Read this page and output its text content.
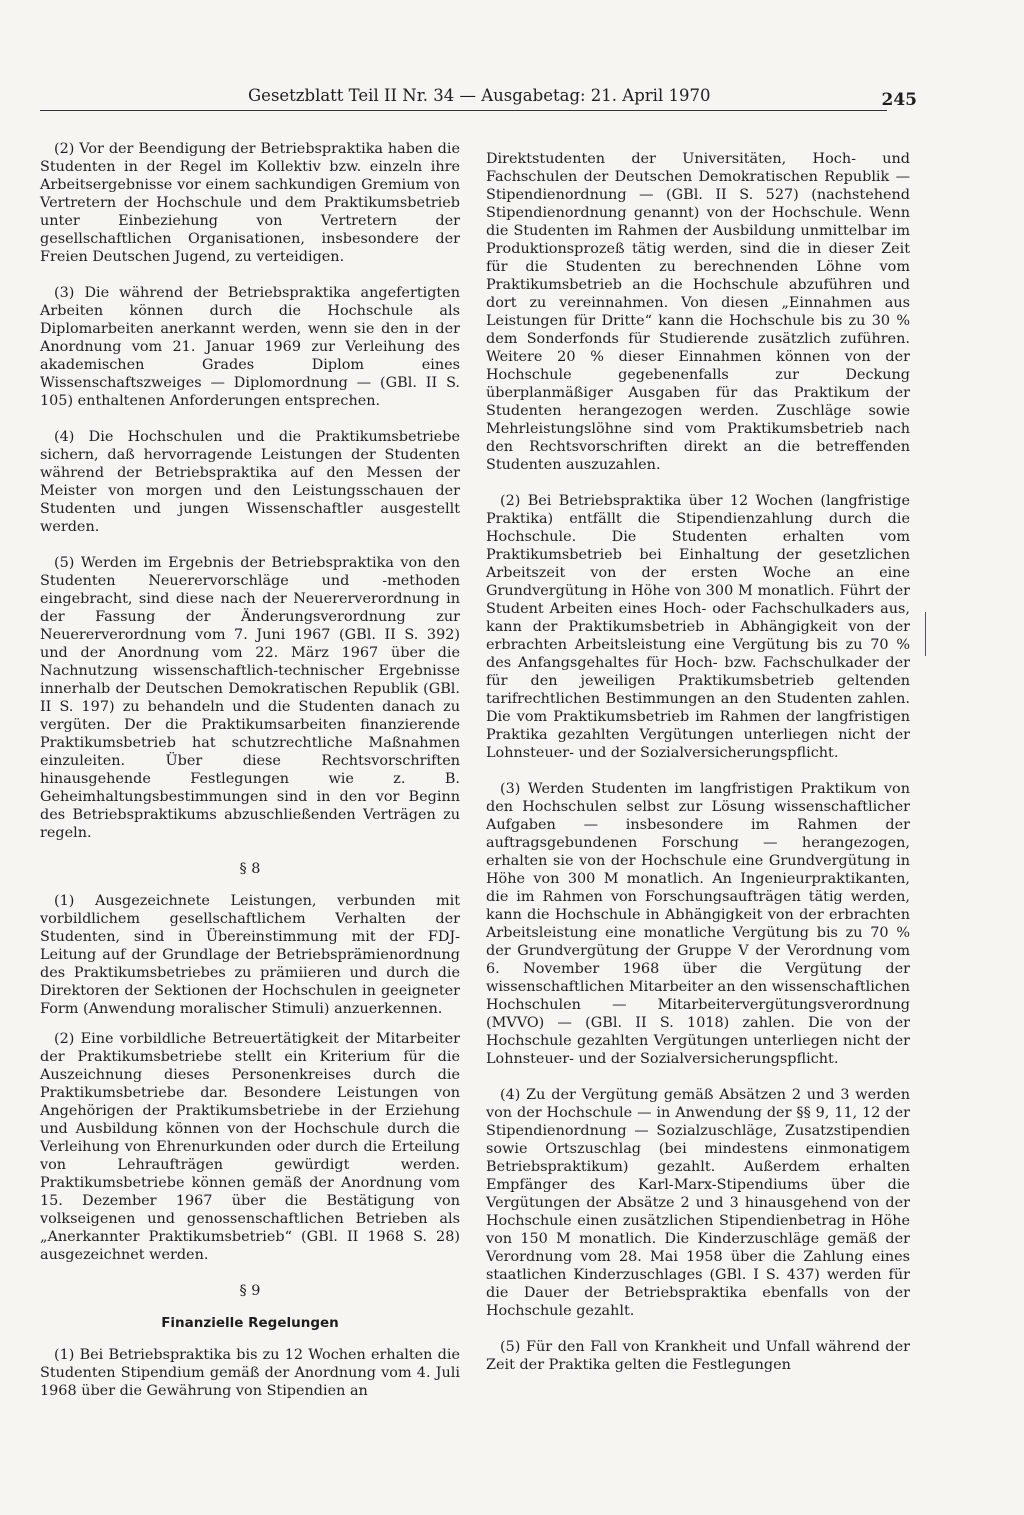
Gesetzblatt Teil II Nr. 34 — Ausgabetag: 21. April 1970	245

(2) Vor der Beendigung der Betriebspraktika haben die Studenten in der Regel im Kollektiv bzw. einzeln ihre Arbeitsergebnisse vor einem sachkundigen Gremium von Vertretern der Hochschule und dem Praktikumsbetrieb unter Einbeziehung von Vertretern der gesellschaftlichen Organisationen, insbesondere der Freien Deutschen Jugend, zu verteidigen.

(3) Die während der Betriebspraktika angefertigten Arbeiten können durch die Hochschule als Diplomarbeiten anerkannt werden, wenn sie den in der Anordnung vom 21. Januar 1969 zur Verleihung des akademischen Grades Diplom eines Wissenschaftszweiges — Diplomordnung — (GBl. II S. 105) enthaltenen Anforderungen entsprechen.

(4) Die Hochschulen und die Praktikumsbetriebe sichern, daß hervorragende Leistungen der Studenten während der Betriebspraktika auf den Messen der Meister von morgen und den Leistungsschauen der Studenten und jungen Wissenschaftler ausgestellt werden.

(5) Werden im Ergebnis der Betriebspraktika von den Studenten Neuerervorschläge und -methoden eingebracht, sind diese nach der Neuererverordnung in der Fassung der Änderungsverordnung zur Neuererverordnung vom 7. Juni 1967 (GBl. II S. 392) und der Anordnung vom 22. März 1967 über die Nachnutzung wissenschaftlich-technischer Ergebnisse innerhalb der Deutschen Demokratischen Republik (GBl. II S. 197) zu behandeln und die Studenten danach zu vergüten. Der die Praktikumsarbeiten finanzierende Praktikumsbetrieb hat schutzrechtliche Maßnahmen einzuleiten. Über diese Rechtsvorschriften hinausgehende Festlegungen wie z. B. Geheimhaltungsbestimmungen sind in den vor Beginn des Betriebspraktikums abzuschließenden Verträgen zu regeln.

§ 8

(1) Ausgezeichnete Leistungen, verbunden mit vorbildlichem gesellschaftlichem Verhalten der Studenten, sind in Übereinstimmung mit der FDJ-Leitung auf der Grundlage der Betriebsprämienordnung des Praktikumsbetriebes zu prämiieren und durch die Direktoren der Sektionen der Hochschulen in geeigneter Form (Anwendung moralischer Stimuli) anzuerkennen.

(2) Eine vorbildliche Betreuertätigkeit der Mitarbeiter der Praktikumsbetriebe stellt ein Kriterium für die Auszeichnung dieses Personenkreises durch die Praktikumsbetriebe dar. Besondere Leistungen von Angehörigen der Praktikumsbetriebe in der Erziehung und Ausbildung können von der Hochschule durch die Verleihung von Ehrenurkunden oder durch die Erteilung von Lehraufträgen gewürdigt werden. Praktikumsbetriebe können gemäß der Anordnung vom 15. Dezember 1967 über die Bestätigung von volkseigenen und genossenschaftlichen Betrieben als „Anerkannter Praktikumsbetrieb“ (GBl. II 1968 S. 28) ausgezeichnet werden.

§ 9

Finanzielle Regelungen

(1) Bei Betriebspraktika bis zu 12 Wochen erhalten die Studenten Stipendium gemäß der Anordnung vom 4. Juli 1968 über die Gewährung von Stipendien an

Direktstudenten der Universitäten, Hoch- und Fachschulen der Deutschen Demokratischen Republik — Stipendienordnung — (GBl. II S. 527) (nachstehend Stipendienordnung genannt) von der Hochschule. Wenn die Studenten im Rahmen der Ausbildung unmittelbar im Produktionsprozeß tätig werden, sind die in dieser Zeit für die Studenten zu berechnenden Löhne vom Praktikumsbetrieb an die Hochschule abzuführen und dort zu vereinnahmen. Von diesen „Einnahmen aus Leistungen für Dritte“ kann die Hochschule bis zu 30 % dem Sonderfonds für Studierende zusätzlich zuführen. Weitere 20 % dieser Einnahmen können von der Hochschule gegebenenfalls zur Deckung überplanmäßiger Ausgaben für das Praktikum der Studenten herangezogen werden. Zuschläge sowie Mehrleistungslöhne sind vom Praktikumsbetrieb nach den Rechtsvorschriften direkt an die betreffenden Studenten auszuzahlen.

(2) Bei Betriebspraktika über 12 Wochen (langfristige Praktika) entfällt die Stipendienzahlung durch die Hochschule. Die Studenten erhalten vom Praktikumsbetrieb bei Einhaltung der gesetzlichen Arbeitszeit von der ersten Woche an eine Grundvergütung in Höhe von 300 M monatlich. Führt der Student Arbeiten eines Hoch- oder Fachschulkaders aus, kann der Praktikumsbetrieb in Abhängigkeit von der erbrachten Arbeitsleistung eine Vergütung bis zu 70 % des Anfangsgehaltes für Hoch- bzw. Fachschulkader der für den jeweiligen Praktikumsbetrieb geltenden tarifrechtlichen Bestimmungen an den Studenten zahlen. Die vom Praktikumsbetrieb im Rahmen der langfristigen Praktika gezahlten Vergütungen unterliegen nicht der Lohnsteuer- und der Sozialversicherungspflicht.

(3) Werden Studenten im langfristigen Praktikum von den Hochschulen selbst zur Lösung wissenschaftlicher Aufgaben — insbesondere im Rahmen der auftragsgebundenen Forschung — herangezogen, erhalten sie von der Hochschule eine Grundvergütung in Höhe von 300 M monatlich. An Ingenieurpraktikanten, die im Rahmen von Forschungsaufträgen tätig werden, kann die Hochschule in Abhängigkeit von der erbrachten Arbeitsleistung eine monatliche Vergütung bis zu 70 % der Grundvergütung der Gruppe V der Verordnung vom 6. November 1968 über die Vergütung der wissenschaftlichen Mitarbeiter an den wissenschaftlichen Hochschulen — Mitarbeitervergütungsverordnung (MVVO) — (GBl. II S. 1018) zahlen. Die von der Hochschule gezahlten Vergütungen unterliegen nicht der Lohnsteuer- und der Sozialversicherungspflicht.

(4) Zu der Vergütung gemäß Absätzen 2 und 3 werden von der Hochschule — in Anwendung der §§ 9, 11, 12 der Stipendienordnung — Sozialzuschläge, Zusatzstipendien sowie Ortszuschlag (bei mindestens einmonatigem Betriebspraktikum) gezahlt. Außerdem erhalten Empfänger des Karl-Marx-Stipendiums über die Vergütungen der Absätze 2 und 3 hinausgehend von der Hochschule einen zusätzlichen Stipendienbetrag in Höhe von 150 M monatlich. Die Kinderzuschläge gemäß der Verordnung vom 28. Mai 1958 über die Zahlung eines staatlichen Kinderzuschlages (GBl. I S. 437) werden für die Dauer der Betriebspraktika ebenfalls von der Hochschule gezahlt.

(5) Für den Fall von Krankheit und Unfall während der Zeit der Praktika gelten die Festlegungen
